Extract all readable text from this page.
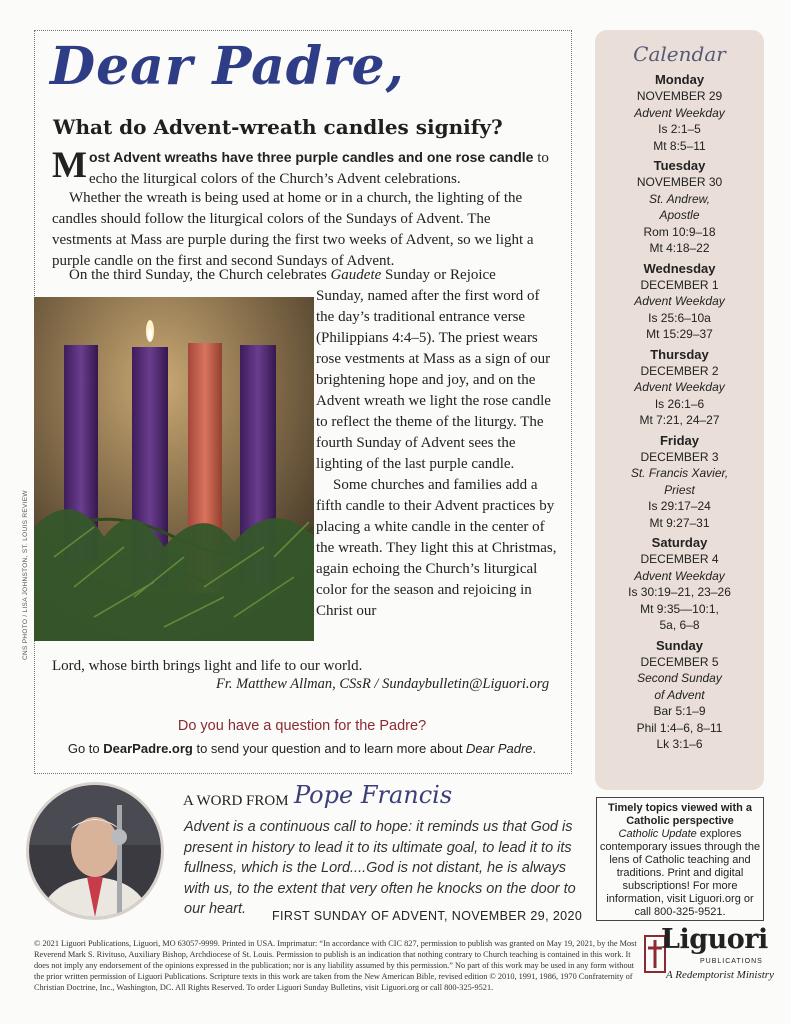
Dear Padre,
What do Advent-wreath candles signify?
Most Advent wreaths have three purple candles and one rose candle to echo the liturgical colors of the Church’s Advent celebrations.
Whether the wreath is being used at home or in a church, the lighting of the candles should follow the liturgical colors of the Sundays of Advent. The vestments at Mass are purple during the first two weeks of Advent, so we light a purple candle on the first and second Sundays of Advent.
On the third Sunday, the Church celebrates Gaudete Sunday or Rejoice
CNS PHOTO / LISA JOHNSTON, ST. LOUIS REVIEW

Sunday, named after the first word of the day’s traditional entrance verse (Philippians 4:4–5). The priest wears rose vestments at Mass as a sign of our brightening hope and joy, and on the Advent wreath we light the rose candle to reflect the theme of the liturgy. The fourth Sunday of Advent sees the lighting of the last purple candle.

Some churches and families add a fifth candle to their Advent practices by placing a white candle in the center of the wreath. They light this at Christmas, again echoing the Church’s liturgical color for the season and rejoicing in Christ our

Lord, whose birth brings light and life to our world.
Fr. Matthew Allman, CSsR / Sundaybulletin@Liguori.org

Do you have a question for the Padre?

Go to DearPadre.org to send your question and to learn more about Dear Padre.

Calendar
Monday
NOVEMBER 29
Advent Weekday
Is 2:1–5
Mt 8:5–11
Tuesday
NOVEMBER 30
St. Andrew,
Apostle
Rom 10:9–18
Mt 4:18–22
Wednesday
DECEMBER 1
Advent Weekday
Is 25:6–10a
Mt 15:29–37
Thursday
DECEMBER 2
Advent Weekday
Is 26:1–6
Mt 7:21, 24–27
Friday
DECEMBER 3
St. Francis Xavier,
Priest
Is 29:17–24
Mt 9:27–31
Saturday
DECEMBER 4
Advent Weekday
Is 30:19–21, 23–26
Mt 9:35—10:1,
5a, 6–8
Sunday
DECEMBER 5
Second Sunday
of Advent
Bar 5:1–9
Phil 1:4–6, 8–11
Lk 3:1–6
Timely topics viewed with a Catholic perspective
Catholic Update explores contemporary issues through the lens of Catholic teaching and traditions. Print and digital subscriptions! For more information, visit Liguori.org or call 800-325-9521.
A WORD FROM Pope Francis

Advent is a continuous call to hope: it reminds us that God is present in history to lead it to its ultimate goal, to lead it to its fullness, which is the Lord....God is not distant, he is always with us, to the extent that very often he knocks on the door to our heart.	FIRST SUNDAY OF ADVENT, NOVEMBER 29, 2020

© 2021 Liguori Publications, Liguori, MO 63057-9999. Printed in USA. Imprimatur: “In accordance with CIC 827, permission to publish was granted on May 19, 2021, by the Most Reverend Mark S. Rivituso, Auxiliary Bishop, Archdiocese of St. Louis. Permission to publish is an indication that nothing contrary to Church teaching is contained in this work. It does not imply any endorsement of the opinions expressed in the publication; nor is any liability assumed by this permission.” No part of this work may be used in any form without the prior written permission of Liguori Publications. Scripture texts in this work are taken from the New American Bible, revised edition © 2010, 1991, 1986, 1970 Confraternity of Christian Doctrine, Inc., Washington, DC. All Rights Reserved. To order Liguori Sunday Bulletins, visit Liguori.org or call 800-325-9521.

Liguori
PUBLICATIONS
A Redemptorist Ministry
